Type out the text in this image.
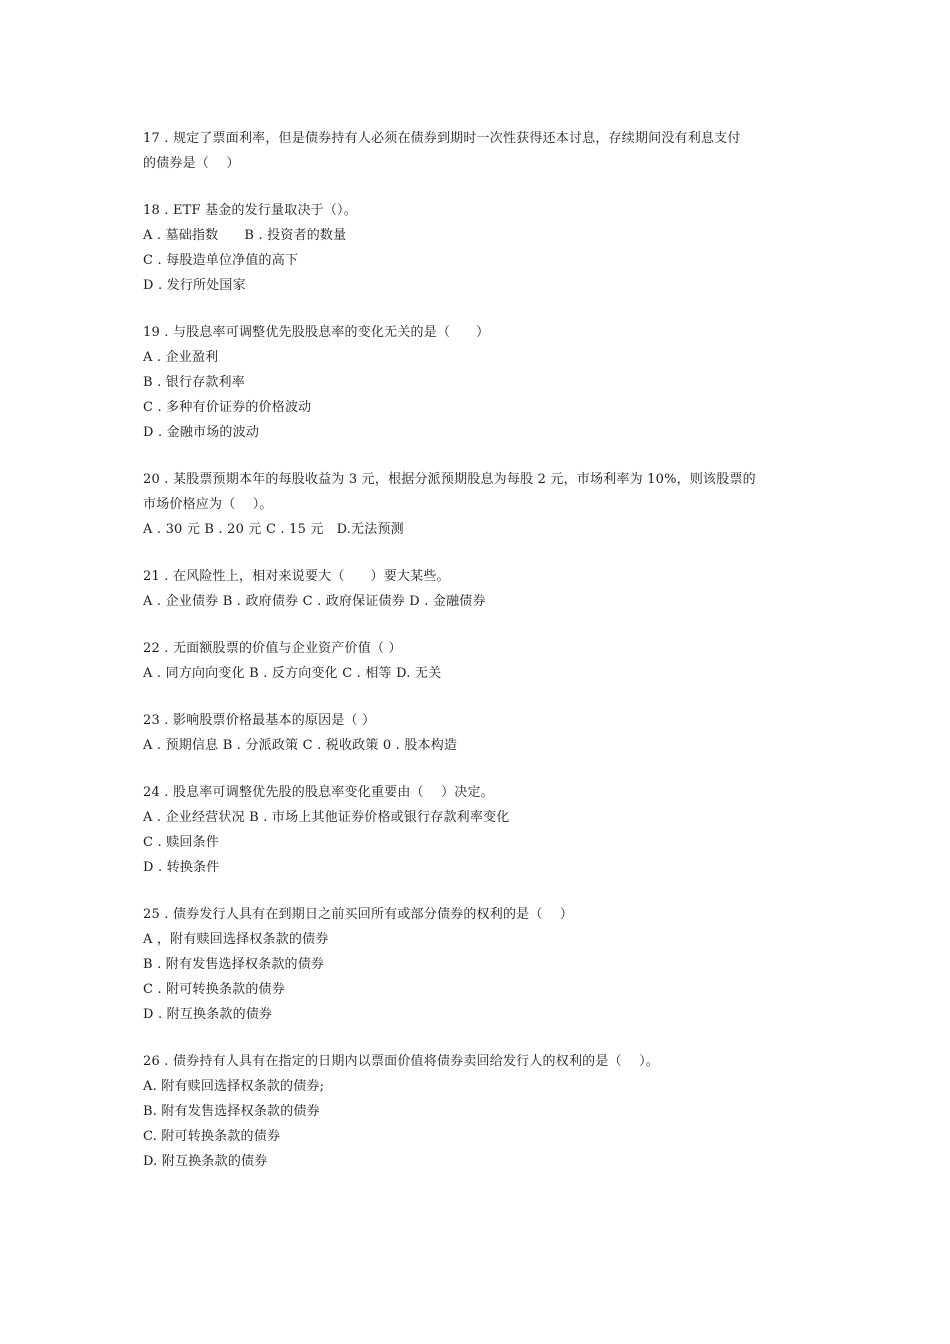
17 . 规定了票面利率，但是债券持有人必须在债券到期时一次性获得还本讨息，存续期间没有利息支付
的债券是（    ）
18 . ETF 基金的发行量取决于（）。
A . 墓础指数      B . 投资者的数量
C . 每股造单位净值的高下
D . 发行所处国家
19 . 与股息率可调整优先股股息率的变化无关的是（      ）
A . 企业盈利
B . 银行存款利率
C . 多种有价证券的价格波动
D . 金融市场的波动
20 . 某股票预期本年的每股收益为 3 元，根据分派预期股息为每股 2 元，市场利率为 10%，则该股票的
市场价格应为（    ）。
A . 30 元 B . 20 元 C . 15 元   D.无法预测
21 . 在风险性上，相对来说要大（      ）要大某些。
A . 企业债券 B . 政府债券 C . 政府保证债券 D . 金融债券
22 . 无面额股票的价值与企业资产价值（ ）
A . 同方向向变化 B . 反方向变化 C . 相等 D. 无关
23 . 影响股票价格最基本的原因是（ ）
A . 预期信息 B . 分派政策 C . 税收政策 0 . 股本构造
24 . 股息率可调整优先股的股息率变化重要由（    ）决定。
A . 企业经营状况 B . 市场上其他证券价格或银行存款利率变化
C . 赎回条件
D . 转换条件
25 . 债券发行人具有在到期日之前买回所有或部分债券的权利的是（    ）
A ，附有赎回选择权条款的债券
B . 附有发售选择权条款的债券
C . 附可转换条款的债券
D . 附互换条款的债券
26 . 债券持有人具有在指定的日期内以票面价值将债券卖回给发行人的权利的是（    ）。
A. 附有赎回选择权条款的债券;
B. 附有发售选择权条款的债券
C. 附可转换条款的债券
D. 附互换条款的债券
